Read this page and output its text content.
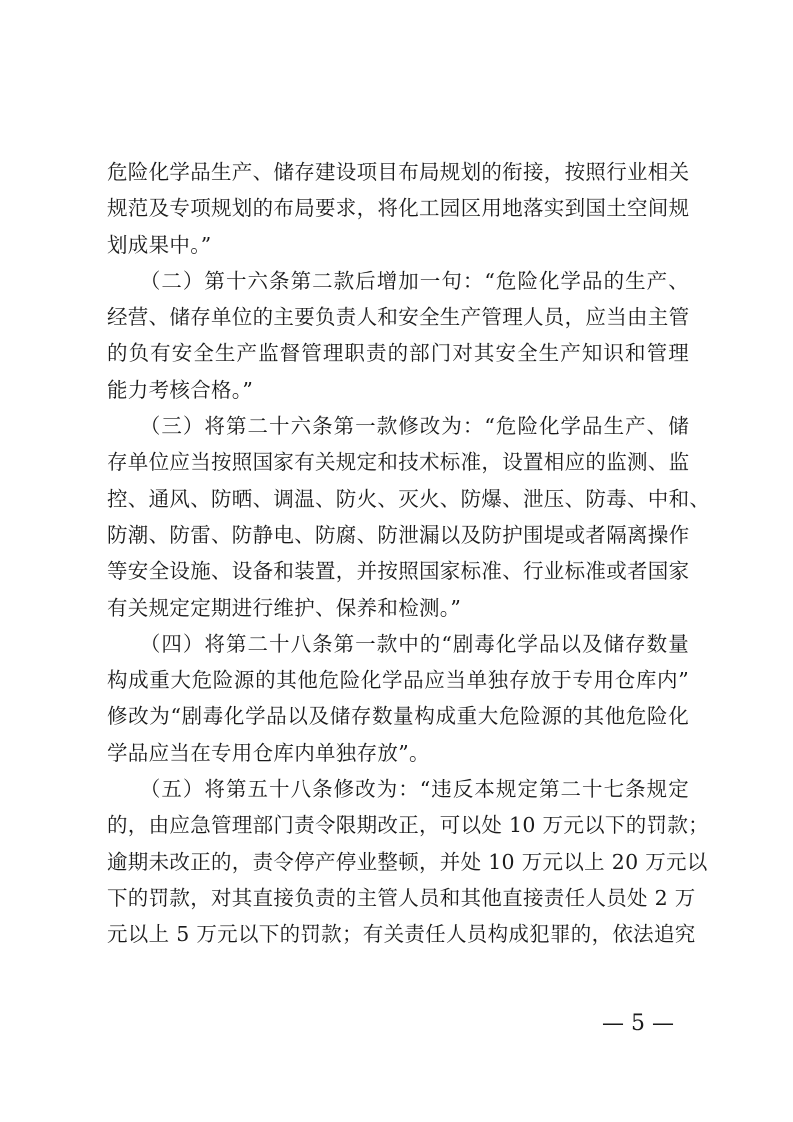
危险化学品生产、储存建设项目布局规划的衔接，按照行业相关
规范及专项规划的布局要求，将化工园区用地落实到国土空间规
划成果中。”
　　（二）第十六条第二款后增加一句：“危险化学品的生产、
经营、储存单位的主要负责人和安全生产管理人员，应当由主管
的负有安全生产监督管理职责的部门对其安全生产知识和管理
能力考核合格。”
　　（三）将第二十六条第一款修改为：“危险化学品生产、储
存单位应当按照国家有关规定和技术标准，设置相应的监测、监
控、通风、防晒、调温、防火、灭火、防爆、泄压、防毒、中和、
防潮、防雷、防静电、防腐、防泄漏以及防护围堤或者隔离操作
等安全设施、设备和装置，并按照国家标准、行业标准或者国家
有关规定定期进行维护、保养和检测。”
　　（四）将第二十八条第一款中的“剧毒化学品以及储存数量
构成重大危险源的其他危险化学品应当单独存放于专用仓库内”
修改为“剧毒化学品以及储存数量构成重大危险源的其他危险化
学品应当在专用仓库内单独存放”。
　　（五）将第五十八条修改为：“违反本规定第二十七条规定
的，由应急管理部门责令限期改正，可以处 10 万元以下的罚款；
逾期未改正的，责令停产停业整顿，并处 10 万元以上 20 万元以
下的罚款，对其直接负责的主管人员和其他直接责任人员处 2 万
元以上 5 万元以下的罚款；有关责任人员构成犯罪的，依法追究
— 5 —
